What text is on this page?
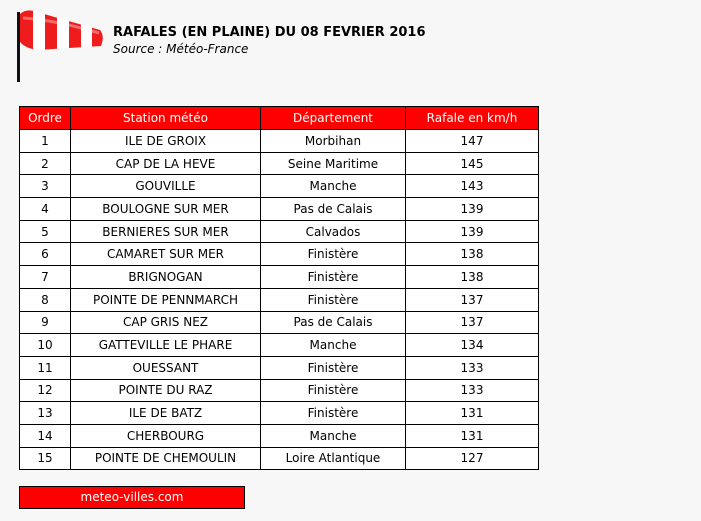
RAFALES (EN PLAINE) DU 08 FEVRIER 2016
Source : Météo-France
Ordre	Station météo	Département	Rafale en km/h
1	ILE DE GROIX	Morbihan	147
2	CAP DE LA HEVE	Seine Maritime	145
3	GOUVILLE	Manche	143
4	BOULOGNE SUR MER	Pas de Calais	139
5	BERNIERES SUR MER	Calvados	139
6	CAMARET SUR MER	Finistère	138
7	BRIGNOGAN	Finistère	138
8	POINTE DE PENNMARCH	Finistère	137
9	CAP GRIS NEZ	Pas de Calais	137
10	GATTEVILLE LE PHARE	Manche	134
11	OUESSANT	Finistère	133
12	POINTE DU RAZ	Finistère	133
13	ILE DE BATZ	Finistère	131
14	CHERBOURG	Manche	131
15	POINTE DE CHEMOULIN	Loire Atlantique	127
meteo-villes.com
